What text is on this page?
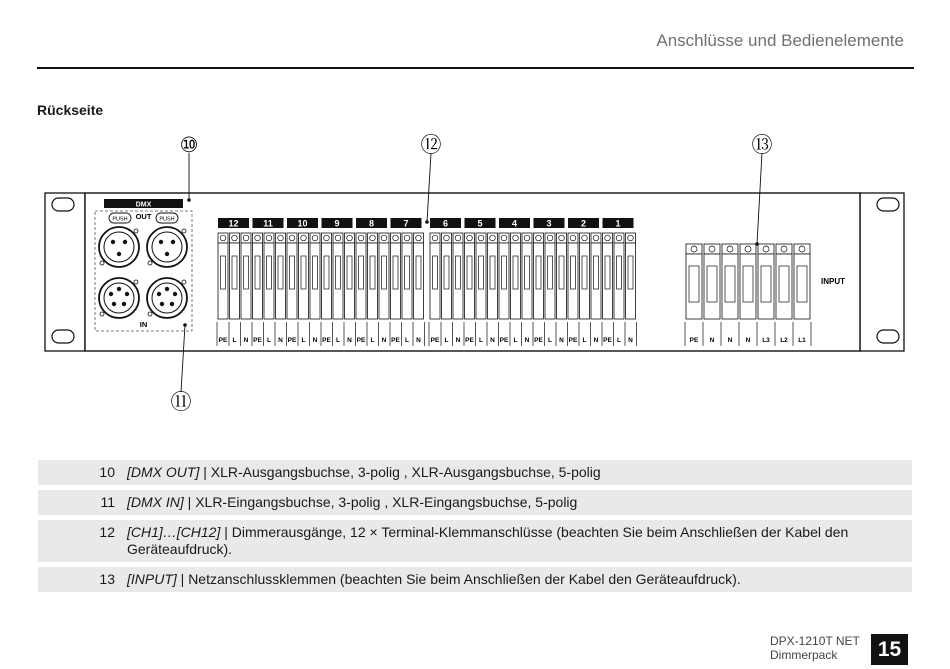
Anschlüsse und Bedienelemente
Rückseite
DMX
OUT
IN
PUSH	PUSH	12
PE L N
11
PE L N
10
PE L N
9
PE L N
8
PE L N
7
PE L N
6
PE L N
5
PE L N
4
PE L N
3
PE L N
2
PE L N
1
PE L N	PE N N N L3 L2 L1
INPUT
⑩	⑫	⑬
⑪
10 [DMX OUT] | XLR-Ausgangsbuchse, 3-polig , XLR-Ausgangsbuchse, 5-polig
11 [DMX IN] | XLR-Eingangsbuchse, 3-polig , XLR-Eingangsbuchse, 5-polig
12 [CH1]…[CH12] | Dimmerausgänge, 12 × Terminal-Klemmanschlüsse (beachten Sie beim Anschließen der Kabel den Geräteaufdruck).
13 [INPUT] | Netzanschlussklemmen (beachten Sie beim Anschließen der Kabel den Geräteaufdruck).
DPX-1210T NET
Dimmerpack	15
